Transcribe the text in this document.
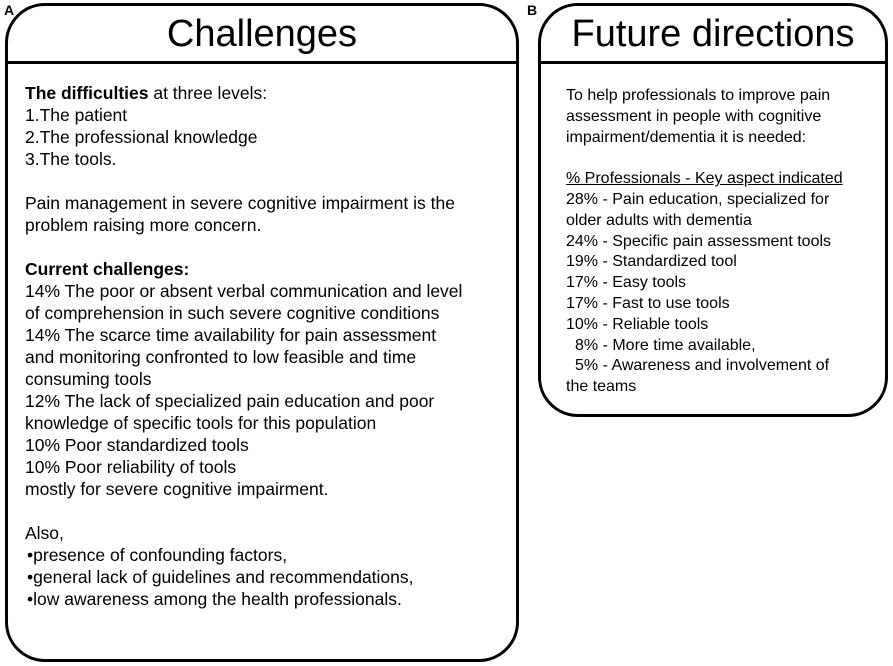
A
Challenges
The difficulties at three levels:
1.The patient
2.The professional knowledge
3.The tools.
Pain management in severe cognitive impairment is the
problem raising more concern.
Current challenges:
14% The poor or absent verbal communication and level
of comprehension in such severe cognitive conditions
14% The scarce time availability for pain assessment
and monitoring confronted to low feasible and time
consuming tools
12% The lack of specialized pain education and poor
knowledge of specific tools for this population
10% Poor standardized tools
10% Poor reliability of tools
mostly for severe cognitive impairment.
Also,
•presence of confounding factors,
•general lack of guidelines and recommendations,
•low awareness among the health professionals.
B
Future directions
To help professionals to improve pain
assessment in people with cognitive
impairment/dementia it is needed:
% Professionals - Key aspect indicated
28% - Pain education, specialized for
older adults with dementia
24% - Specific pain assessment tools
19% - Standardized tool
17% - Easy tools
17% - Fast to use tools
10% - Reliable tools
8% - More time available,
5% - Awareness and involvement of
the teams
